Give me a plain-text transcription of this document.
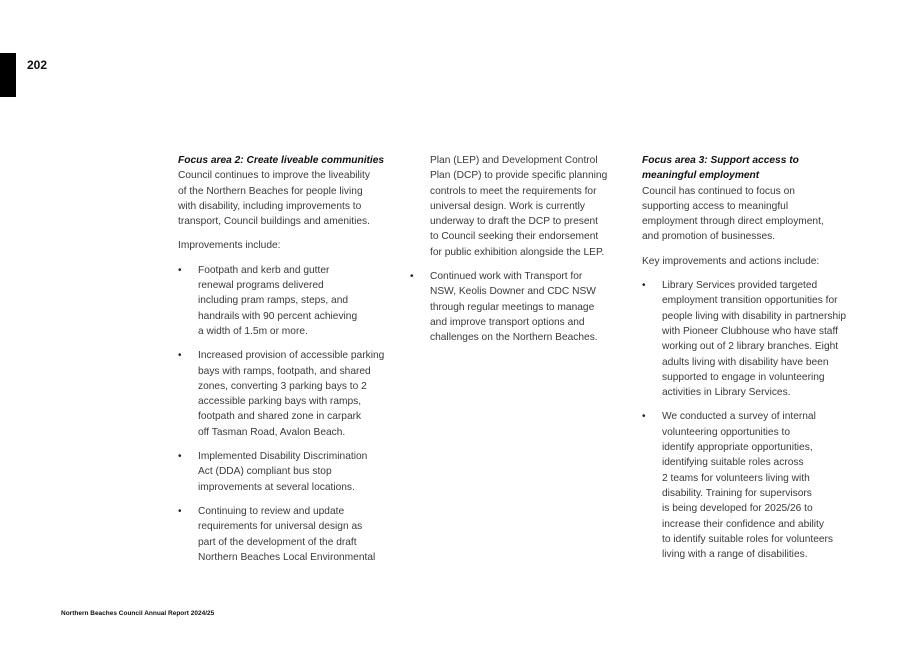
202
Focus area 2: Create liveable communities
Council continues to improve the liveability
of the Northern Beaches for people living
with disability, including improvements to
transport, Council buildings and amenities.
Improvements include:
• Footpath and kerb and gutter
renewal programs delivered
including pram ramps, steps, and
handrails with 90 percent achieving
a width of 1.5m or more.
• Increased provision of accessible parking
bays with ramps, footpath, and shared
zones, converting 3 parking bays to 2
accessible parking bays with ramps,
footpath and shared zone in carpark
off Tasman Road, Avalon Beach.
• Implemented Disability Discrimination
Act (DDA) compliant bus stop
improvements at several locations.
• Continuing to review and update
requirements for universal design as
part of the development of the draft
Northern Beaches Local Environmental
Plan (LEP) and Development Control
Plan (DCP) to provide specific planning
controls to meet the requirements for
universal design. Work is currently
underway to draft the DCP to present
to Council seeking their endorsement
for public exhibition alongside the LEP.
• Continued work with Transport for
NSW, Keolis Downer and CDC NSW
through regular meetings to manage
and improve transport options and
challenges on the Northern Beaches.
Focus area 3: Support access to
meaningful employment
Council has continued to focus on
supporting access to meaningful
employment through direct employment,
and promotion of businesses.
Key improvements and actions include:
• Library Services provided targeted
employment transition opportunities for
people living with disability in partnership
with Pioneer Clubhouse who have staff
working out of 2 library branches. Eight
adults living with disability have been
supported to engage in volunteering
activities in Library Services.
• We conducted a survey of internal
volunteering opportunities to
identify appropriate opportunities,
identifying suitable roles across
2 teams for volunteers living with
disability. Training for supervisors
is being developed for 2025/26 to
increase their confidence and ability
to identify suitable roles for volunteers
living with a range of disabilities.
Northern Beaches Council Annual Report 2024/25
